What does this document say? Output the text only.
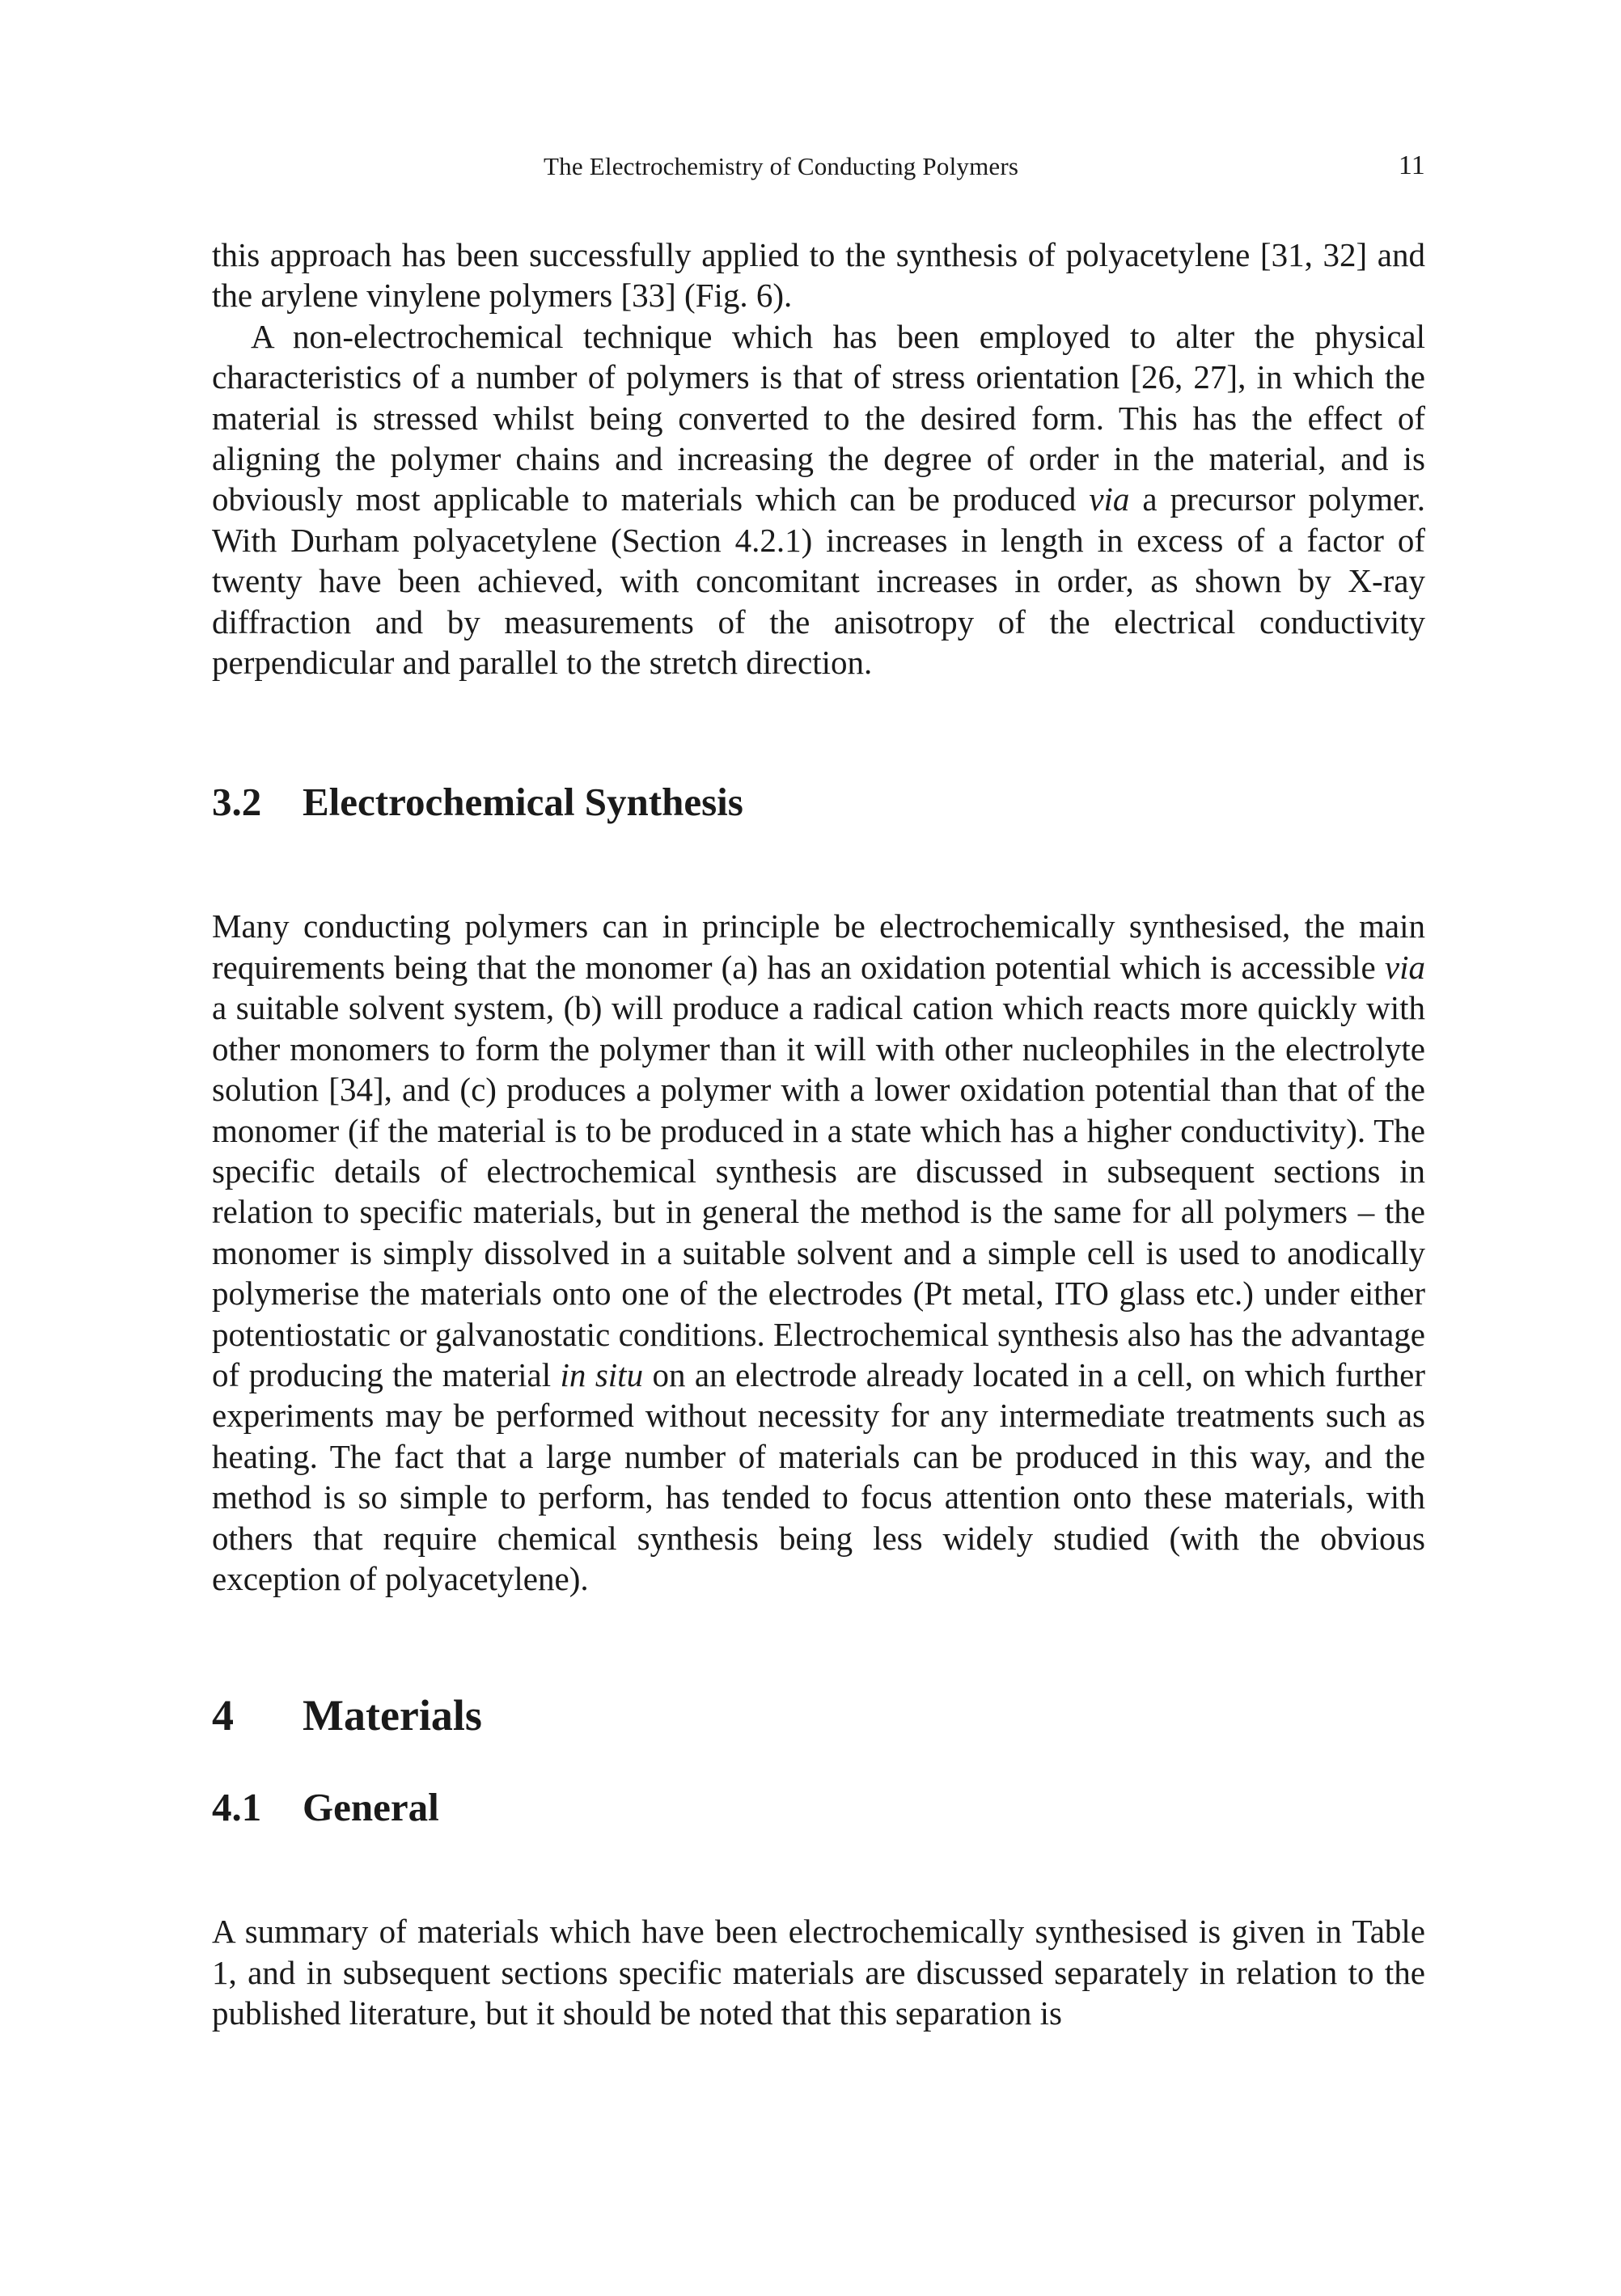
The Electrochemistry of Conducting Polymers	11

this approach has been successfully applied to the synthesis of polyacetylene [31, 32] and the arylene vinylene polymers [33] (Fig. 6).

A non-electrochemical technique which has been employed to alter the physical characteristics of a number of polymers is that of stress orientation [26, 27], in which the material is stressed whilst being converted to the desired form. This has the effect of aligning the polymer chains and increasing the degree of order in the material, and is obviously most applicable to materials which can be produced via a precursor polymer. With Durham polyacetylene (Section 4.2.1) increases in length in excess of a factor of twenty have been achieved, with concomitant increases in order, as shown by X-ray diffraction and by measurements of the anisotropy of the electrical conductivity perpendicular and parallel to the stretch direction.

3.2 Electrochemical Synthesis

Many conducting polymers can in principle be electrochemically synthesised, the main requirements being that the monomer (a) has an oxidation potential which is accessible via a suitable solvent system, (b) will produce a radical cation which reacts more quickly with other monomers to form the polymer than it will with other nucleophiles in the electrolyte solution [34], and (c) produces a polymer with a lower oxidation potential than that of the monomer (if the material is to be produced in a state which has a higher conductivity). The specific details of electrochemical synthesis are discussed in subsequent sections in relation to specific materials, but in general the method is the same for all polymers – the monomer is simply dissolved in a suitable solvent and a simple cell is used to anodically polymerise the materials onto one of the electrodes (Pt metal, ITO glass etc.) under either potentiostatic or galvanostatic conditions. Electrochemical synthesis also has the advantage of producing the material in situ on an electrode already located in a cell, on which further experiments may be performed without necessity for any intermediate treatments such as heating. The fact that a large number of materials can be produced in this way, and the method is so simple to perform, has tended to focus attention onto these materials, with others that require chemical synthesis being less widely studied (with the obvious exception of polyacetylene).

4 Materials
4.1 General

A summary of materials which have been electrochemically synthesised is given in Table 1, and in subsequent sections specific materials are discussed separately in relation to the published literature, but it should be noted that this separation is
